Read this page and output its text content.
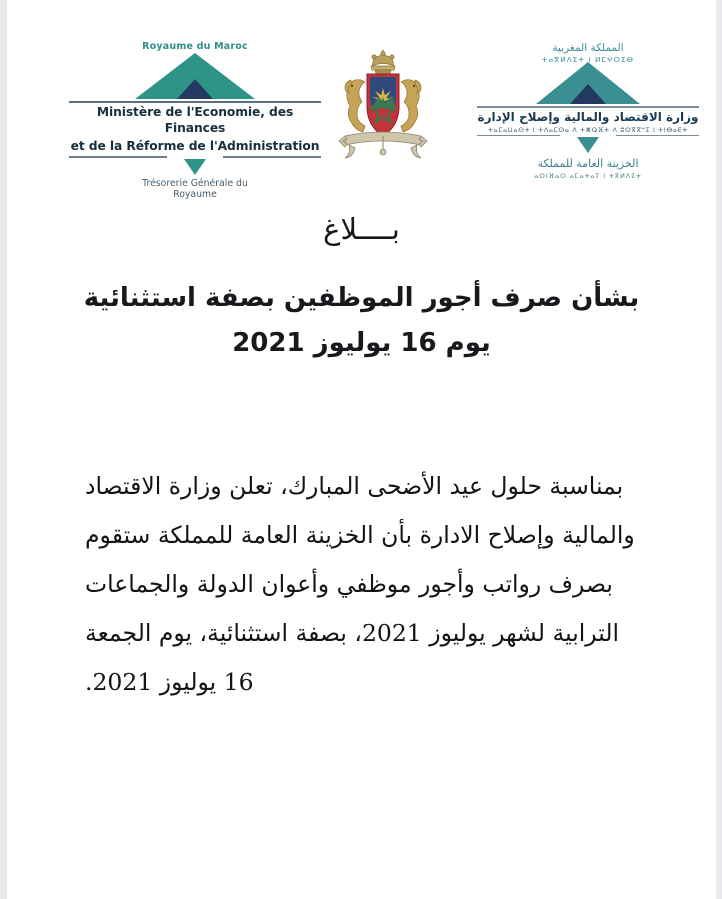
Royaume du Maroc
Ministère de l'Economie, des Finances
et de la Réforme de l'Administration
Trésorerie Générale du
Royaume
المملكة المغربية
ⵜⴰⴳⵍⴷⵉⵜ ⵏ ⵍⵎⵖⵔⵉⴱ
وزارة الاقتصاد والمالية وإصلاح الإدارة
ⵜⴰⵎⴰⵡⴰⵙⵜ ⵏ ⵜⴷⴰⵎⵙⴰ ⴷ ⵜⵥⵕⴼⵜ ⴷ ⵓⵙⴳⴳⵯⵉ ⵏ ⵜⵏⴱⴰⴹⵜ
الخزينة العامة للمملكة
ⴰⵙⵏⴼⴰⵔ ⴰⵎⴰⵜⴰⵢ ⵏ ⵜⴳⵍⴷⵉⵜ
بــــلاغ
بشأن صرف أجور الموظفين بصفة استثنائية
يوم 16 يوليوز 2021
بمناسبة حلول عيد الأضحى المبارك، تعلن وزارة الاقتصاد
والمالية وإصلاح الادارة بأن الخزينة العامة للمملكة ستقوم
بصرف رواتب وأجور موظفي وأعوان الدولة والجماعات
الترابية لشهر يوليوز 2021، بصفة استثنائية، يوم الجمعة
16 يوليوز 2021.
